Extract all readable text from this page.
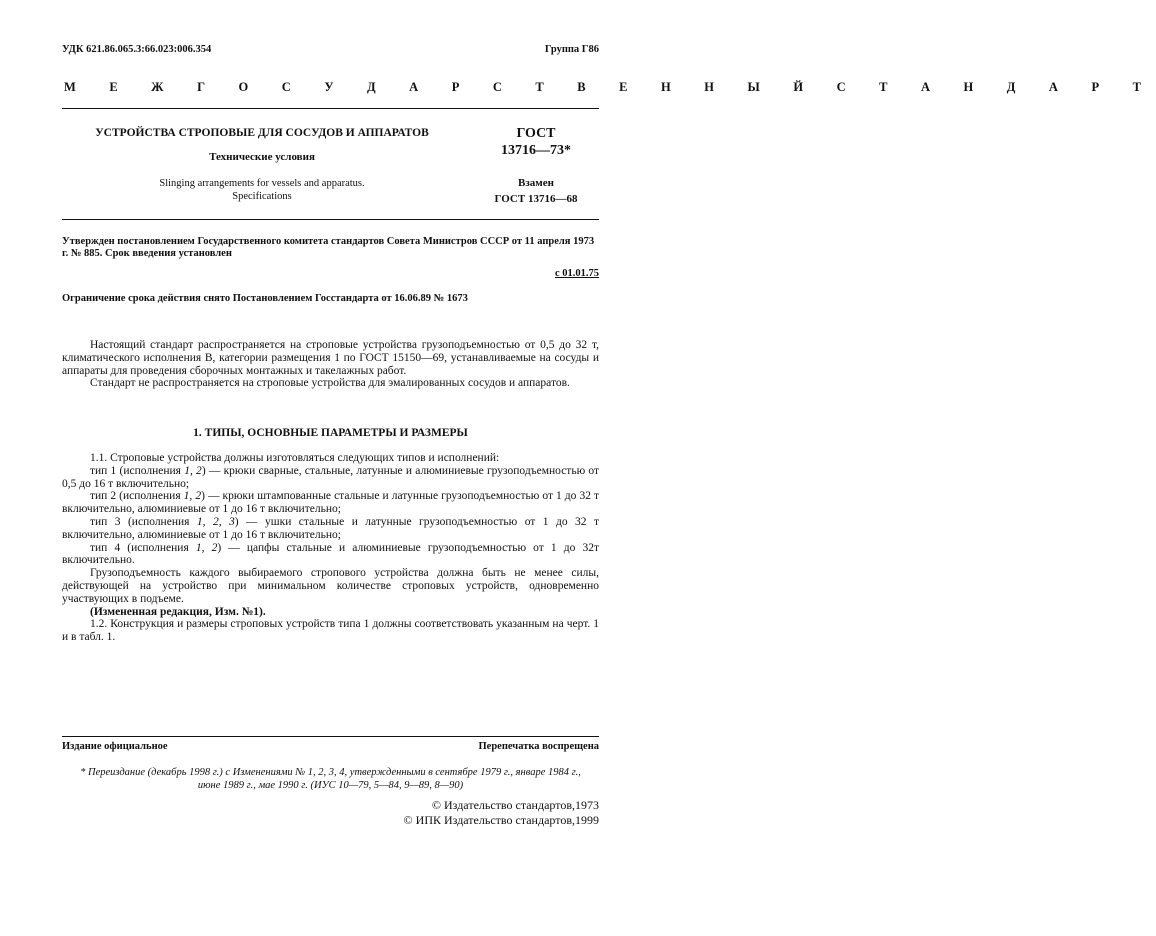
УДК 621.86.065.3:66.023:006.354	Группа Г86
М Е Ж Г О С У Д А Р С Т В Е Н Н Ы Й С Т А Н Д А Р Т
УСТРОЙСТВА СТРОПОВЫЕ ДЛЯ СОСУДОВ И АППАРАТОВ
Технические условия
Slinging arrangements for vessels and apparatus.
Specifications
ГОСТ
13716—73*
Взамен
ГОСТ 13716—68
Утвержден постановлением Государственного комитета стандартов Совета Министров СССР от 11 апреля 1973
г. № 885. Срок введения установлен
с 01.01.75
Ограничение срока действия снято Постановлением Госстандарта от 16.06.89 № 1673

Настоящий стандарт распространяется на строповые устройства грузоподъемностью от 0,5 до 32 т, климатического исполнения В, категории размещения 1 по ГОСТ 15150—69, устанавливаемые на сосуды и аппараты для проведения сборочных монтажных и такелажных работ.

Стандарт не распространяется на строповые устройства для эмалированных сосудов и аппаратов.

1. ТИПЫ, ОСНОВНЫЕ ПАРАМЕТРЫ И РАЗМЕРЫ

1.1. Строповые устройства должны изготовляться следующих типов и исполнений:

тип 1 (исполнения 1, 2) — крюки сварные, стальные, латунные и алюминиевые грузоподъемностью от 0,5 до 16 т включительно;

тип 2 (исполнения 1, 2) — крюки штампованные стальные и латунные грузоподъемностью от 1 до 32 т включительно, алюминиевые от 1 до 16 т включительно;

тип 3 (исполнения 1, 2, 3) — ушки стальные и латунные грузоподъемностью от 1 до 32 т включительно, алюминиевые от 1 до 16 т включительно;

тип 4 (исполнения 1, 2) — цапфы стальные и алюминиевые грузоподъемностью от 1 до 32т включительно.

Грузоподъемность каждого выбираемого стропового устройства должна быть не менее силы, действующей на устройство при минимальном количестве строповых устройств, одновременно участвующих в подъеме.

(Измененная редакция, Изм. №1).

1.2. Конструкция и размеры строповых устройств типа 1 должны соответствовать указанным на черт. 1 и в табл. 1.

Издание официальное	Перепечатка воспрещена
* Переиздание (декабрь 1998 г.) с Изменениями № 1, 2, 3, 4, утвержденными в сентябре 1979 г., январе 1984 г.,
июне 1989 г., мае 1990 г. (ИУС 10—79, 5—84, 9—89, 8—90)
© Издательство стандартов,1973
© ИПК Издательство стандартов,1999
